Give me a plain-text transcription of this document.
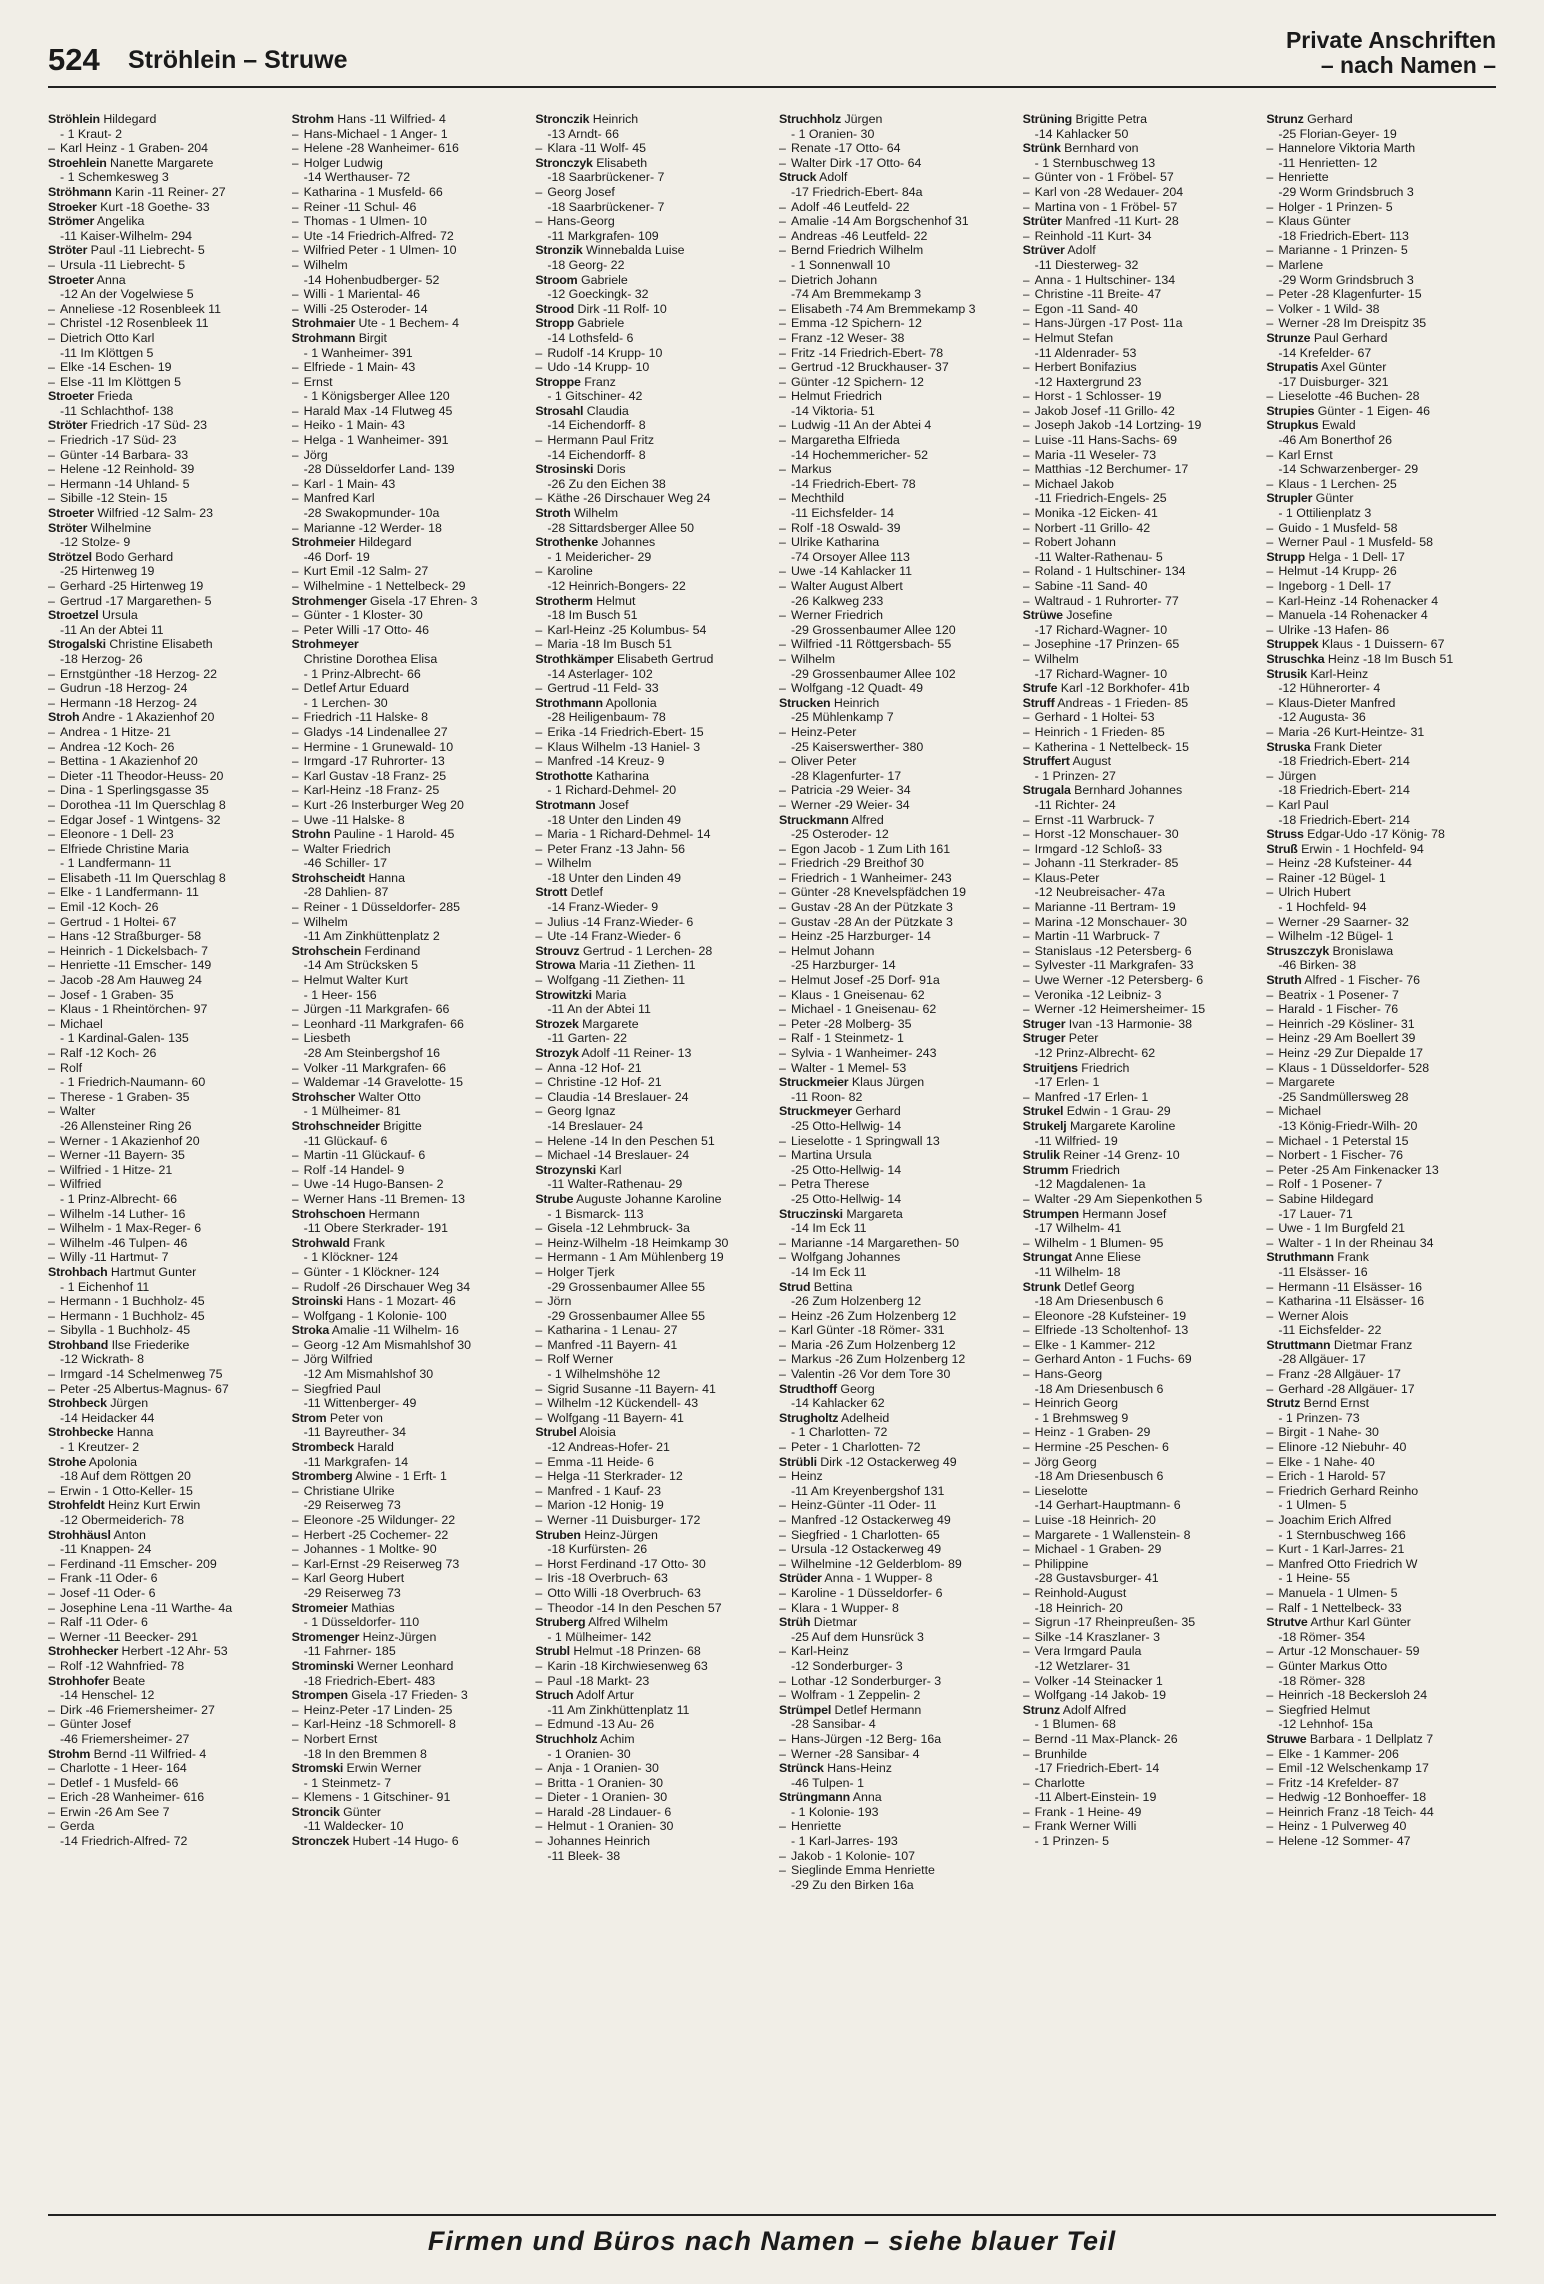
524 Ströhlein – Struwe
Private Anschriften
– nach Namen –
Ströhlein Hildegard
- 1 Kraut- 2
– Karl Heinz - 1 Graben- 204
Stroehlein Nanette Margarete
- 1 Schemkesweg 3
Ströhmann Karin -11 Reiner- 27
Stroeker Kurt -18 Goethe- 33
Strömer Angelika
-11 Kaiser-Wilhelm- 294
Ströter Paul -11 Liebrecht- 5
– Ursula -11 Liebrecht- 5
Stroeter Anna
-12 An der Vogelwiese 5
– Anneliese -12 Rosenbleek 11
– Christel -12 Rosenbleek 11
– Dietrich Otto Karl
-11 Im Klöttgen 5
– Elke -14 Eschen- 19
– Else -11 Im Klöttgen 5
Stroeter Frieda
-11 Schlachthof- 138
Ströter Friedrich -17 Süd- 23
– Friedrich -17 Süd- 23
– Günter -14 Barbara- 33
– Helene -12 Reinhold- 39
– Hermann -14 Uhland- 5
– Sibille -12 Stein- 15
Stroeter Wilfried -12 Salm- 23
Ströter Wilhelmine
-12 Stolze- 9
Strötzel Bodo Gerhard
-25 Hirtenweg 19
– Gerhard -25 Hirtenweg 19
– Gertrud -17 Margarethen- 5
Stroetzel Ursula
-11 An der Abtei 11
Strogalski Christine Elisabeth
-18 Herzog- 26
– Ernstgünther -18 Herzog- 22
– Gudrun -18 Herzog- 24
– Hermann -18 Herzog- 24
Stroh Andre - 1 Akazienhof 20
– Andrea - 1 Hitze- 21
– Andrea -12 Koch- 26
– Bettina - 1 Akazienhof 20
– Dieter -11 Theodor-Heuss- 20
– Dina - 1 Sperlingsgasse 35
– Dorothea -11 Im Querschlag 8
– Edgar Josef - 1 Wintgens- 32
– Eleonore - 1 Dell- 23
– Elfriede Christine Maria
- 1 Landfermann- 11
– Elisabeth -11 Im Querschlag 8
– Elke - 1 Landfermann- 11
– Emil -12 Koch- 26
– Gertrud - 1 Holtei- 67
– Hans -12 Straßburger- 58
– Heinrich - 1 Dickelsbach- 7
– Henriette -11 Emscher- 149
– Jacob -28 Am Hauweg 24
– Josef - 1 Graben- 35
– Klaus - 1 Rheintörchen- 97
– Michael
- 1 Kardinal-Galen- 135
– Ralf -12 Koch- 26
– Rolf
- 1 Friedrich-Naumann- 60
– Therese - 1 Graben- 35
– Walter
-26 Allensteiner Ring 26
– Werner - 1 Akazienhof 20
– Werner -11 Bayern- 35
– Wilfried - 1 Hitze- 21
– Wilfried
- 1 Prinz-Albrecht- 66
– Wilhelm -14 Luther- 16
– Wilhelm - 1 Max-Reger- 6
– Wilhelm -46 Tulpen- 46
– Willy -11 Hartmut- 7
Strohbach Hartmut Gunter
- 1 Eichenhof 11
– Hermann - 1 Buchholz- 45
– Hermann - 1 Buchholz- 45
– Sibylla - 1 Buchholz- 45
Strohband Ilse Friederike
-12 Wickrath- 8
– Irmgard -14 Schelmenweg 75
– Peter -25 Albertus-Magnus- 67
Strohbeck Jürgen
-14 Heidacker 44
Strohbecke Hanna
- 1 Kreutzer- 2
Strohe Apolonia
-18 Auf dem Röttgen 20
– Erwin - 1 Otto-Keller- 15
Strohfeldt Heinz Kurt Erwin
-12 Obermeiderich- 78
Strohhäusl Anton
-11 Knappen- 24
– Ferdinand -11 Emscher- 209
– Frank -11 Oder- 6
– Josef -11 Oder- 6
– Josephine Lena -11 Warthe- 4a
– Ralf -11 Oder- 6
– Werner -11 Beecker- 291
Strohhecker Herbert -12 Ahr- 53
– Rolf -12 Wahnfried- 78
Strohhofer Beate
-14 Henschel- 12
– Dirk -46 Friemersheimer- 27
– Günter Josef
-46 Friemersheimer- 27
Strohm Bernd -11 Wilfried- 4
– Charlotte - 1 Heer- 164
– Detlef - 1 Musfeld- 66
– Erich -28 Wanheimer- 616
– Erwin -26 Am See 7
– Gerda
-14 Friedrich-Alfred- 72
Strohm Hans -11 Wilfried- 4
– Hans-Michael - 1 Anger- 1
– Helene -28 Wanheimer- 616
– Holger Ludwig
-14 Werthauser- 72
– Katharina - 1 Musfeld- 66
– Reiner -11 Schul- 46
– Thomas - 1 Ulmen- 10
– Ute -14 Friedrich-Alfred- 72
– Wilfried Peter - 1 Ulmen- 10
– Wilhelm
-14 Hohenbudberger- 52
– Willi - 1 Mariental- 46
– Willi -25 Osteroder- 14
Strohmaier Ute - 1 Bechem- 4
Strohmann Birgit
- 1 Wanheimer- 391
– Elfriede - 1 Main- 43
– Ernst
- 1 Königsberger Allee 120
– Harald Max -14 Flutweg 45
– Heiko - 1 Main- 43
– Helga - 1 Wanheimer- 391
– Jörg
-28 Düsseldorfer Land- 139
– Karl - 1 Main- 43
– Manfred Karl
-28 Swakopmunder- 10a
– Marianne -12 Werder- 18
Strohmeier Hildegard
-46 Dorf- 19
– Kurt Emil -12 Salm- 27
– Wilhelmine - 1 Nettelbeck- 29
Strohmenger Gisela -17 Ehren- 3
– Günter - 1 Kloster- 30
– Peter Willi -17 Otto- 46
Strohmeyer
Christine Dorothea Elisa
- 1 Prinz-Albrecht- 66
– Detlef Artur Eduard
- 1 Lerchen- 30
– Friedrich -11 Halske- 8
– Gladys -14 Lindenallee 27
– Hermine - 1 Grunewald- 10
– Irmgard -17 Ruhrorter- 13
– Karl Gustav -18 Franz- 25
– Karl-Heinz -18 Franz- 25
– Kurt -26 Insterburger Weg 20
– Uwe -11 Halske- 8
Strohn Pauline - 1 Harold- 45
– Walter Friedrich
-46 Schiller- 17
Strohscheidt Hanna
-28 Dahlien- 87
– Reiner - 1 Düsseldorfer- 285
– Wilhelm
-11 Am Zinkhüttenplatz 2
Strohschein Ferdinand
-14 Am Strücksken 5
– Helmut Walter Kurt
- 1 Heer- 156
– Jürgen -11 Markgrafen- 66
– Leonhard -11 Markgrafen- 66
– Liesbeth
-28 Am Steinbergshof 16
– Volker -11 Markgrafen- 66
– Waldemar -14 Gravelotte- 15
Strohscher Walter Otto
- 1 Mülheimer- 81
Strohschneider Brigitte
-11 Glückauf- 6
– Martin -11 Glückauf- 6
– Rolf -14 Handel- 9
– Uwe -14 Hugo-Bansen- 2
– Werner Hans -11 Bremen- 13
Strohschoen Hermann
-11 Obere Sterkrader- 191
Strohwald Frank
- 1 Klöckner- 124
– Günter - 1 Klöckner- 124
– Rudolf -26 Dirschauer Weg 34
Stroinski Hans - 1 Mozart- 46
– Wolfgang - 1 Kolonie- 100
Stroka Amalie -11 Wilhelm- 16
– Georg -12 Am Mismahlshof 30
– Jörg Wilfried
-12 Am Mismahlshof 30
– Siegfried Paul
-11 Wittenberger- 49
Strom Peter von
-11 Bayreuther- 34
Strombeck Harald
-11 Markgrafen- 14
Stromberg Alwine - 1 Erft- 1
– Christiane Ulrike
-29 Reiserweg 73
– Eleonore -25 Wildunger- 22
– Herbert -25 Cochemer- 22
– Johannes - 1 Moltke- 90
– Karl-Ernst -29 Reiserweg 73
– Karl Georg Hubert
-29 Reiserweg 73
Stromeier Mathias
- 1 Düsseldorfer- 110
Stromenger Heinz-Jürgen
-11 Fahrner- 185
Strominski Werner Leonhard
-18 Friedrich-Ebert- 483
Strompen Gisela -17 Frieden- 3
– Heinz-Peter -17 Linden- 25
– Karl-Heinz -18 Schmorell- 8
– Norbert Ernst
-18 In den Bremmen 8
Stromski Erwin Werner
- 1 Steinmetz- 7
– Klemens - 1 Gitschiner- 91
Stroncik Günter
-11 Waldecker- 10
Stronczek Hubert -14 Hugo- 6
Stronczik Heinrich
-13 Arndt- 66
– Klara -11 Wolf- 45
Stronczyk Elisabeth
-18 Saarbrückener- 7
– Georg Josef
-18 Saarbrückener- 7
– Hans-Georg
-11 Markgrafen- 109
Stronzik Winnebalda Luise
-18 Georg- 22
Stroom Gabriele
-12 Goeckingk- 32
Strood Dirk -11 Rolf- 10
Stropp Gabriele
-14 Lothsfeld- 6
– Rudolf -14 Krupp- 10
– Udo -14 Krupp- 10
Stroppe Franz
- 1 Gitschiner- 42
Strosahl Claudia
-14 Eichendorff- 8
– Hermann Paul Fritz
-14 Eichendorff- 8
Strosinski Doris
-26 Zu den Eichen 38
– Käthe -26 Dirschauer Weg 24
Stroth Wilhelm
-28 Sittardsberger Allee 50
Strothenke Johannes
- 1 Meidericher- 29
– Karoline
-12 Heinrich-Bongers- 22
Strotherm Helmut
-18 Im Busch 51
– Karl-Heinz -25 Kolumbus- 54
– Maria -18 Im Busch 51
Strothkämper Elisabeth Gertrud
-14 Asterlager- 102
– Gertrud -11 Feld- 33
Strothmann Apollonia
-28 Heiligenbaum- 78
– Erika -14 Friedrich-Ebert- 15
– Klaus Wilhelm -13 Haniel- 3
– Manfred -14 Kreuz- 9
Strothotte Katharina
- 1 Richard-Dehmel- 20
Strotmann Josef
-18 Unter den Linden 49
– Maria - 1 Richard-Dehmel- 14
– Peter Franz -13 Jahn- 56
– Wilhelm
-18 Unter den Linden 49
Strott Detlef
-14 Franz-Wieder- 9
– Julius -14 Franz-Wieder- 6
– Ute -14 Franz-Wieder- 6
Strouvz Gertrud - 1 Lerchen- 28
Strowa Maria -11 Ziethen- 11
– Wolfgang -11 Ziethen- 11
Strowitzki Maria
-11 An der Abtei 11
Strozek Margarete
-11 Garten- 22
Strozyk Adolf -11 Reiner- 13
– Anna -12 Hof- 21
– Christine -12 Hof- 21
– Claudia -14 Breslauer- 24
– Georg Ignaz
-14 Breslauer- 24
– Helene -14 In den Peschen 51
– Michael -14 Breslauer- 24
Strozynski Karl
-11 Walter-Rathenau- 29
Strube Auguste Johanne Karoline
- 1 Bismarck- 113
– Gisela -12 Lehmbruck- 3a
– Heinz-Wilhelm -18 Heimkamp 30
– Hermann - 1 Am Mühlenberg 19
– Holger Tjerk
-29 Grossenbaumer Allee 55
– Jörn
-29 Grossenbaumer Allee 55
– Katharina - 1 Lenau- 27
– Manfred -11 Bayern- 41
– Rolf Werner
- 1 Wilhelmshöhe 12
– Sigrid Susanne -11 Bayern- 41
– Wilhelm -12 Kückendell- 43
– Wolfgang -11 Bayern- 41
Strubel Aloisia
-12 Andreas-Hofer- 21
– Emma -11 Heide- 6
– Helga -11 Sterkrader- 12
– Manfred - 1 Kauf- 23
– Marion -12 Honig- 19
– Werner -11 Duisburger- 172
Struben Heinz-Jürgen
-18 Kurfürsten- 26
– Horst Ferdinand -17 Otto- 30
– Iris -18 Overbruch- 63
– Otto Willi -18 Overbruch- 63
– Theodor -14 In den Peschen 57
Struberg Alfred Wilhelm
- 1 Mülheimer- 142
Strubl Helmut -18 Prinzen- 68
– Karin -18 Kirchwiesenweg 63
– Paul -18 Markt- 23
Struch Adolf Artur
-11 Am Zinkhüttenplatz 11
– Edmund -13 Au- 26
Struchholz Achim
- 1 Oranien- 30
– Anja - 1 Oranien- 30
– Britta - 1 Oranien- 30
– Dieter - 1 Oranien- 30
– Harald -28 Lindauer- 6
– Helmut - 1 Oranien- 30
– Johannes Heinrich
-11 Bleek- 38
Struchholz Jürgen
- 1 Oranien- 30
– Renate -17 Otto- 64
– Walter Dirk -17 Otto- 64
Struck Adolf
-17 Friedrich-Ebert- 84a
– Adolf -46 Leutfeld- 22
– Amalie -14 Am Borgschenhof 31
– Andreas -46 Leutfeld- 22
– Bernd Friedrich Wilhelm
- 1 Sonnenwall 10
– Dietrich Johann
-74 Am Bremmekamp 3
– Elisabeth -74 Am Bremmekamp 3
– Emma -12 Spichern- 12
– Franz -12 Weser- 38
– Fritz -14 Friedrich-Ebert- 78
– Gertrud -12 Bruckhauser- 37
– Günter -12 Spichern- 12
– Helmut Friedrich
-14 Viktoria- 51
– Ludwig -11 An der Abtei 4
– Margaretha Elfrieda
-14 Hochemmericher- 52
– Markus
-14 Friedrich-Ebert- 78
– Mechthild
-11 Eichsfelder- 14
– Rolf -18 Oswald- 39
– Ulrike Katharina
-74 Orsoyer Allee 113
– Uwe -14 Kahlacker 11
– Walter August Albert
-26 Kalkweg 233
– Werner Friedrich
-29 Grossenbaumer Allee 120
– Wilfried -11 Röttgersbach- 55
– Wilhelm
-29 Grossenbaumer Allee 102
– Wolfgang -12 Quadt- 49
Strucken Heinrich
-25 Mühlenkamp 7
– Heinz-Peter
-25 Kaiserswerther- 380
– Oliver Peter
-28 Klagenfurter- 17
– Patricia -29 Weier- 34
– Werner -29 Weier- 34
Struckmann Alfred
-25 Osteroder- 12
– Egon Jacob - 1 Zum Lith 161
– Friedrich -29 Breithof 30
– Friedrich - 1 Wanheimer- 243
– Günter -28 Knevelspfädchen 19
– Gustav -28 An der Pützkate 3
– Gustav -28 An der Pützkate 3
– Heinz -25 Harzburger- 14
– Helmut Johann
-25 Harzburger- 14
– Helmut Josef -25 Dorf- 91a
– Klaus - 1 Gneisenau- 62
– Michael - 1 Gneisenau- 62
– Peter -28 Molberg- 35
– Ralf - 1 Steinmetz- 1
– Sylvia - 1 Wanheimer- 243
– Walter - 1 Memel- 53
Struckmeier Klaus Jürgen
-11 Roon- 82
Struckmeyer Gerhard
-25 Otto-Hellwig- 14
– Lieselotte - 1 Springwall 13
– Martina Ursula
-25 Otto-Hellwig- 14
– Petra Therese
-25 Otto-Hellwig- 14
Struczinski Margareta
-14 Im Eck 11
– Marianne -14 Margarethen- 50
– Wolfgang Johannes
-14 Im Eck 11
Strud Bettina
-26 Zum Holzenberg 12
– Heinz -26 Zum Holzenberg 12
– Karl Günter -18 Römer- 331
– Maria -26 Zum Holzenberg 12
– Markus -26 Zum Holzenberg 12
– Valentin -26 Vor dem Tore 30
Strudthoff Georg
-14 Kahlacker 62
Strugholtz Adelheid
- 1 Charlotten- 72
– Peter - 1 Charlotten- 72
Strübli Dirk -12 Ostackerweg 49
– Heinz
-11 Am Kreyenbergshof 131
– Heinz-Günter -11 Oder- 11
– Manfred -12 Ostackerweg 49
– Siegfried - 1 Charlotten- 65
– Ursula -12 Ostackerweg 49
– Wilhelmine -12 Gelderblom- 89
Strüder Anna - 1 Wupper- 8
– Karoline - 1 Düsseldorfer- 6
– Klara - 1 Wupper- 8
Strüh Dietmar
-25 Auf dem Hunsrück 3
– Karl-Heinz
-12 Sonderburger- 3
– Lothar -12 Sonderburger- 3
– Wolfram - 1 Zeppelin- 2
Strümpel Detlef Hermann
-28 Sansibar- 4
– Hans-Jürgen -12 Berg- 16a
– Werner -28 Sansibar- 4
Strünck Hans-Heinz
-46 Tulpen- 1
Strüngmann Anna
- 1 Kolonie- 193
– Henriette
- 1 Karl-Jarres- 193
– Jakob - 1 Kolonie- 107
– Sieglinde Emma Henriette
-29 Zu den Birken 16a
Strüning Brigitte Petra
-14 Kahlacker 50
Strünk Bernhard von
- 1 Sternbuschweg 13
– Günter von - 1 Fröbel- 57
– Karl von -28 Wedauer- 204
– Martina von - 1 Fröbel- 57
Strüter Manfred -11 Kurt- 28
– Reinhold -11 Kurt- 34
Strüver Adolf
-11 Diesterweg- 32
– Anna - 1 Hultschiner- 134
– Christine -11 Breite- 47
– Egon -11 Sand- 40
– Hans-Jürgen -17 Post- 11a
– Helmut Stefan
-11 Aldenrader- 53
– Herbert Bonifazius
-12 Haxtergrund 23
– Horst - 1 Schlosser- 19
– Jakob Josef -11 Grillo- 42
– Joseph Jakob -14 Lortzing- 19
– Luise -11 Hans-Sachs- 69
– Maria -11 Weseler- 73
– Matthias -12 Berchumer- 17
– Michael Jakob
-11 Friedrich-Engels- 25
– Monika -12 Eicken- 41
– Norbert -11 Grillo- 42
– Robert Johann
-11 Walter-Rathenau- 5
– Roland - 1 Hultschiner- 134
– Sabine -11 Sand- 40
– Waltraud - 1 Ruhrorter- 77
Strüwe Josefine
-17 Richard-Wagner- 10
– Josephine -17 Prinzen- 65
– Wilhelm
-17 Richard-Wagner- 10
Strufe Karl -12 Borkhofer- 41b
Struff Andreas - 1 Frieden- 85
– Gerhard - 1 Holtei- 53
– Heinrich - 1 Frieden- 85
– Katherina - 1 Nettelbeck- 15
Struffert August
- 1 Prinzen- 27
Strugala Bernhard Johannes
-11 Richter- 24
– Ernst -11 Warbruck- 7
– Horst -12 Monschauer- 30
– Irmgard -12 Schloß- 33
– Johann -11 Sterkrader- 85
– Klaus-Peter
-12 Neubreisacher- 47a
– Marianne -11 Bertram- 19
– Marina -12 Monschauer- 30
– Martin -11 Warbruck- 7
– Stanislaus -12 Petersberg- 6
– Sylvester -11 Markgrafen- 33
– Uwe Werner -12 Petersberg- 6
– Veronika -12 Leibniz- 3
– Werner -12 Heimersheimer- 15
Struger Ivan -13 Harmonie- 38
Struger Peter
-12 Prinz-Albrecht- 62
Struitjens Friedrich
-17 Erlen- 1
– Manfred -17 Erlen- 1
Strukel Edwin - 1 Grau- 29
Strukelj Margarete Karoline
-11 Wilfried- 19
Strulik Reiner -14 Grenz- 10
Strumm Friedrich
-12 Magdalenen- 1a
– Walter -29 Am Siepenkothen 5
Strumpen Hermann Josef
-17 Wilhelm- 41
– Wilhelm - 1 Blumen- 95
Strungat Anne Eliese
-11 Wilhelm- 18
Strunk Detlef Georg
-18 Am Driesenbusch 6
– Eleonore -28 Kufsteiner- 19
– Elfriede -13 Scholtenhof- 13
– Elke - 1 Kammer- 212
– Gerhard Anton - 1 Fuchs- 69
– Hans-Georg
-18 Am Driesenbusch 6
– Heinrich Georg
- 1 Brehmsweg 9
– Heinz - 1 Graben- 29
– Hermine -25 Peschen- 6
– Jörg Georg
-18 Am Driesenbusch 6
– Lieselotte
-14 Gerhart-Hauptmann- 6
– Luise -18 Heinrich- 20
– Margarete - 1 Wallenstein- 8
– Michael - 1 Graben- 29
– Philippine
-28 Gustavsburger- 41
– Reinhold-August
-18 Heinrich- 20
– Sigrun -17 Rheinpreußen- 35
– Silke -14 Kraszlaner- 3
– Vera Irmgard Paula
-12 Wetzlarer- 31
– Volker -14 Steinacker 1
– Wolfgang -14 Jakob- 19
Strunz Adolf Alfred
- 1 Blumen- 68
– Bernd -11 Max-Planck- 26
– Brunhilde
-17 Friedrich-Ebert- 14
– Charlotte
-11 Albert-Einstein- 19
– Frank - 1 Heine- 49
– Frank Werner Willi
- 1 Prinzen- 5
Strunz Gerhard
-25 Florian-Geyer- 19
– Hannelore Viktoria Marth
-11 Henrietten- 12
– Henriette
-29 Worm Grindsbruch 3
– Holger - 1 Prinzen- 5
– Klaus Günter
-18 Friedrich-Ebert- 113
– Marianne - 1 Prinzen- 5
– Marlene
-29 Worm Grindsbruch 3
– Peter -28 Klagenfurter- 15
– Volker - 1 Wild- 38
– Werner -28 Im Dreispitz 35
Strunze Paul Gerhard
-14 Krefelder- 67
Strupatis Axel Günter
-17 Duisburger- 321
– Lieselotte -46 Buchen- 28
Strupies Günter - 1 Eigen- 46
Strupkus Ewald
-46 Am Bonerthof 26
– Karl Ernst
-14 Schwarzenberger- 29
– Klaus - 1 Lerchen- 25
Strupler Günter
- 1 Ottilienplatz 3
– Guido - 1 Musfeld- 58
– Werner Paul - 1 Musfeld- 58
Strupp Helga - 1 Dell- 17
– Helmut -14 Krupp- 26
– Ingeborg - 1 Dell- 17
– Karl-Heinz -14 Rohenacker 4
– Manuela -14 Rohenacker 4
– Ulrike -13 Hafen- 86
Struppek Klaus - 1 Duissern- 67
Struschka Heinz -18 Im Busch 51
Strusik Karl-Heinz
-12 Hühnerorter- 4
– Klaus-Dieter Manfred
-12 Augusta- 36
– Maria -26 Kurt-Heintze- 31
Struska Frank Dieter
-18 Friedrich-Ebert- 214
– Jürgen
-18 Friedrich-Ebert- 214
– Karl Paul
-18 Friedrich-Ebert- 214
Struss Edgar-Udo -17 König- 78
Struß Erwin - 1 Hochfeld- 94
– Heinz -28 Kufsteiner- 44
– Rainer -12 Bügel- 1
– Ulrich Hubert
- 1 Hochfeld- 94
– Werner -29 Saarner- 32
– Wilhelm -12 Bügel- 1
Struszczyk Bronislawa
-46 Birken- 38
Struth Alfred - 1 Fischer- 76
– Beatrix - 1 Posener- 7
– Harald - 1 Fischer- 76
– Heinrich -29 Kösliner- 31
– Heinz -29 Am Boellert 39
– Heinz -29 Zur Diepalde 17
– Klaus - 1 Düsseldorfer- 528
– Margarete
-25 Sandmüllersweg 28
– Michael
-13 König-Friedr-Wilh- 20
– Michael - 1 Peterstal 15
– Norbert - 1 Fischer- 76
– Peter -25 Am Finkenacker 13
– Rolf - 1 Posener- 7
– Sabine Hildegard
-17 Lauer- 71
– Uwe - 1 Im Burgfeld 21
– Walter - 1 In der Rheinau 34
Struthmann Frank
-11 Elsässer- 16
– Hermann -11 Elsässer- 16
– Katharina -11 Elsässer- 16
– Werner Alois
-11 Eichsfelder- 22
Struttmann Dietmar Franz
-28 Allgäuer- 17
– Franz -28 Allgäuer- 17
– Gerhard -28 Allgäuer- 17
Strutz Bernd Ernst
- 1 Prinzen- 73
– Birgit - 1 Nahe- 30
– Elinore -12 Niebuhr- 40
– Elke - 1 Nahe- 40
– Erich - 1 Harold- 57
– Friedrich Gerhard Reinho
- 1 Ulmen- 5
– Joachim Erich Alfred
- 1 Sternbuschweg 166
– Kurt - 1 Karl-Jarres- 21
– Manfred Otto Friedrich W
- 1 Heine- 55
– Manuela - 1 Ulmen- 5
– Ralf - 1 Nettelbeck- 33
Strutve Arthur Karl Günter
-18 Römer- 354
– Artur -12 Monschauer- 59
– Günter Markus Otto
-18 Römer- 328
– Heinrich -18 Beckersloh 24
– Siegfried Helmut
-12 Lehnhof- 15a
Struwe Barbara - 1 Dellplatz 7
– Elke - 1 Kammer- 206
– Emil -12 Welschenkamp 17
– Fritz -14 Krefelder- 87
– Hedwig -12 Bonhoeffer- 18
– Heinrich Franz -18 Teich- 44
– Heinz - 1 Pulverweg 40
– Helene -12 Sommer- 47
Firmen und Büros nach Namen – siehe blauer Teil
